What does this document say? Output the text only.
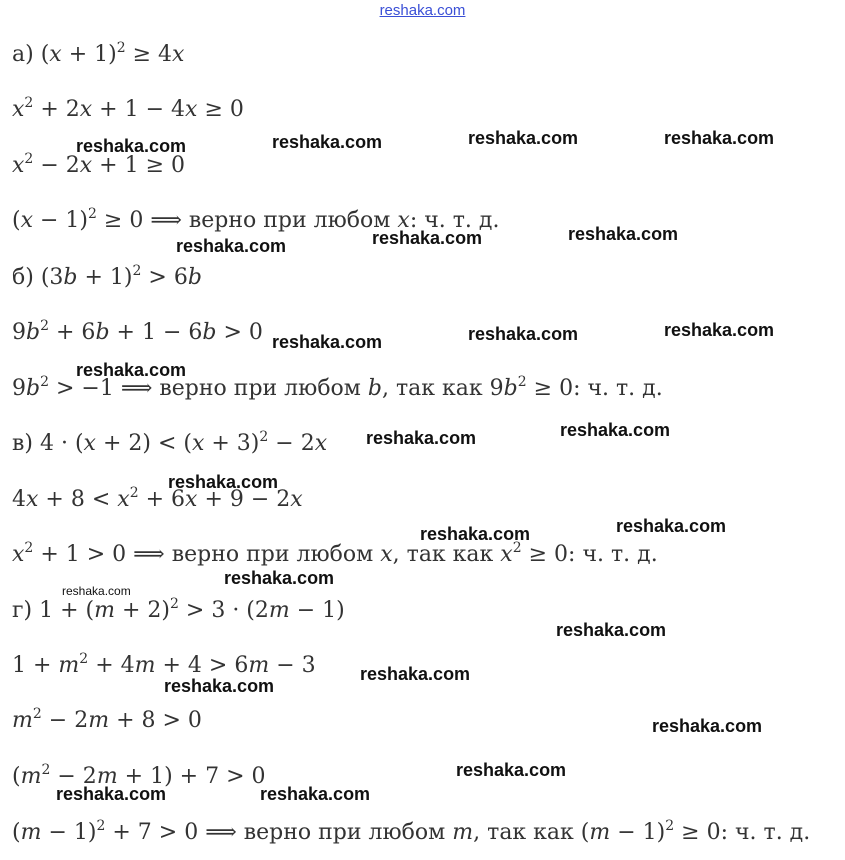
reshaka.com
а) $(x + 1)^2 \ge 4x$
$x^2 + 2x + 1 - 4x \ge 0$
$x^2 - 2x + 1 \ge 0$
$(x - 1)^2 \ge 0$ ⟹ верно при любом x: ч. т. д.
б) $(3b + 1)^2 > 6b$
$9b^2 + 6b + 1 - 6b > 0$
$9b^2 > -1$ ⟹ верно при любом b, так как $9b^2 \ge 0$: ч. т. д.
в) $4 \cdot (x + 2) < (x + 3)^2 - 2x$
$4x + 8 < x^2 + 6x + 9 - 2x$
$x^2 + 1 > 0$ ⟹ верно при любом x, так как $x^2 \ge 0$: ч. т. д.
г) $1 + (m + 2)^2 > 3 \cdot (2m - 1)$
$1 + m^2 + 4m + 4 > 6m - 3$
$m^2 - 2m + 8 > 0$
$(m^2 - 2m + 1) + 7 > 0$
$(m - 1)^2 + 7 > 0$ ⟹ верно при любом m, так как $(m - 1)^2 \ge 0$: ч. т. д.
reshaka.com	reshaka.com	reshaka.com	reshaka.com
reshaka.com	reshaka.com	reshaka.com
reshaka.com	reshaka.com	reshaka.com
reshaka.com
reshaka.com	reshaka.com
reshaka.com
reshaka.com	reshaka.com
reshaka.com
reshaka.com
reshaka.com
reshaka.com
reshaka.com
reshaka.com
reshaka.com
reshaka.com	reshaka.com
